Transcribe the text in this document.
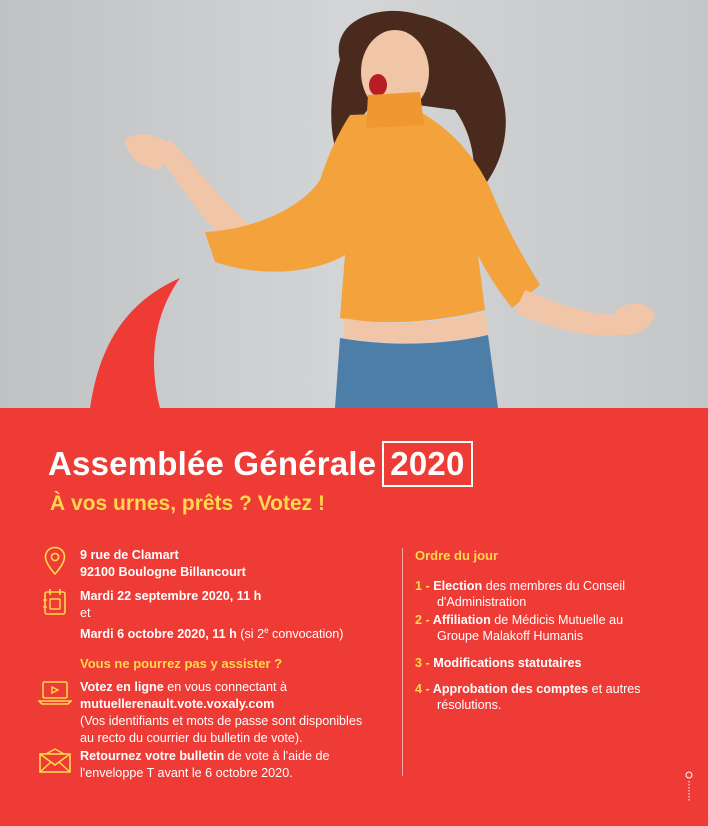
Assemblée Générale 2020
À vos urnes, prêts ? Votez !
9 rue de Clamart
92100 Boulogne Billancourt
Mardi 22 septembre 2020, 11 h
et
Mardi 6 octobre 2020, 11 h (si 2e convocation)
Vous ne pourrez pas y assister ?
Votez en ligne en vous connectant à
mutuellerenault.vote.voxaly.com
(Vos identifiants et mots de passe sont disponibles
au recto du courrier du bulletin de vote).
Retournez votre bulletin de vote à l'aide de
l'enveloppe T avant le 6 octobre 2020.
Ordre du jour
1 - Election des membres du Conseil
d'Administration
2 - Affiliation de Médicis Mutuelle au
Groupe Malakoff Humanis
3 - Modifications statutaires
4 - Approbation des comptes et autres
résolutions.
